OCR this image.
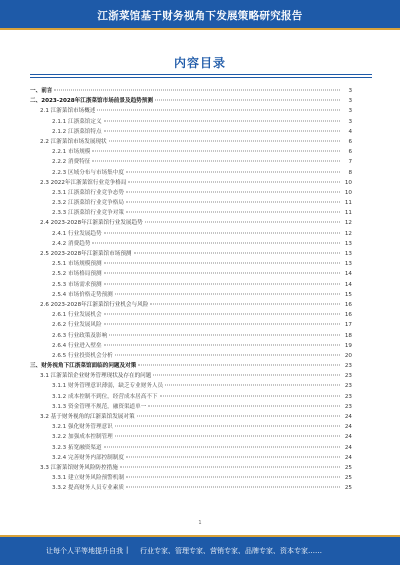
江浙菜馆基于财务视角下发展策略研究报告
内容目录
一、前言	3
二、2023-2028年江浙菜馆市场前景及趋势预测	3
2.1 江浙菜馆市场概述	3
2.1.1 江浙菜馆定义	3
2.1.2 江浙菜馆特点	4
2.2 江浙菜馆市场发展现状	6
2.2.1 市场规模	6
2.2.2 消费特征	7
2.2.3 区域分布与市场集中度	8
2.3 2022年江浙菜馆行业竞争格局	10
2.3.1 江浙菜馆行业竞争态势	10
2.3.2 江浙菜馆行业竞争格局	11
2.3.3 江浙菜馆行业竞争对策	11
2.4 2023-2028年江浙菜馆行业发展趋势	12
2.4.1 行业发展趋势	12
2.4.2 消费趋势	13
2.5 2023-2028年江浙菜馆市场预测	13
2.5.1 市场规模预测	13
2.5.2 市场格局预测	14
2.5.3 市场需求预测	14
2.5.4 市场价格走势预测	15
2.6 2023-2028年江浙菜馆行业机会与风险	16
2.6.1 行业发展机会	16
2.6.2 行业发展风险	17
2.6.3 行业政策及影响	18
2.6.4 行业进入壁垒	19
2.6.5 行业投资机会分析	20
三、财务视角下江浙菜馆面临的问题及对策	23
3.1 江浙菜馆企业财务管理现状及存在的问题	23
3.1.1 财务管理意识薄弱，缺乏专业财务人员	23
3.1.2 成本控制不到位，经营成本居高不下	23
3.1.3 资金管理不规范，融资渠道单一	23
3.2 基于财务视角的江浙菜馆发展对策	24
3.2.1 强化财务管理意识	24
3.2.2 加强成本控制管理	24
3.2.3 拓宽融资渠道	24
3.2.4 完善财务内部控制制度	24
3.3 江浙菜馆财务风险防控措施	25
3.3.1 建立财务风险预警机制	25
3.3.2 提高财务人员专业素质	25
1
让每个人平等地提升自我 | 行业专家、管理专家、营销专家、品牌专家、资本专家……
